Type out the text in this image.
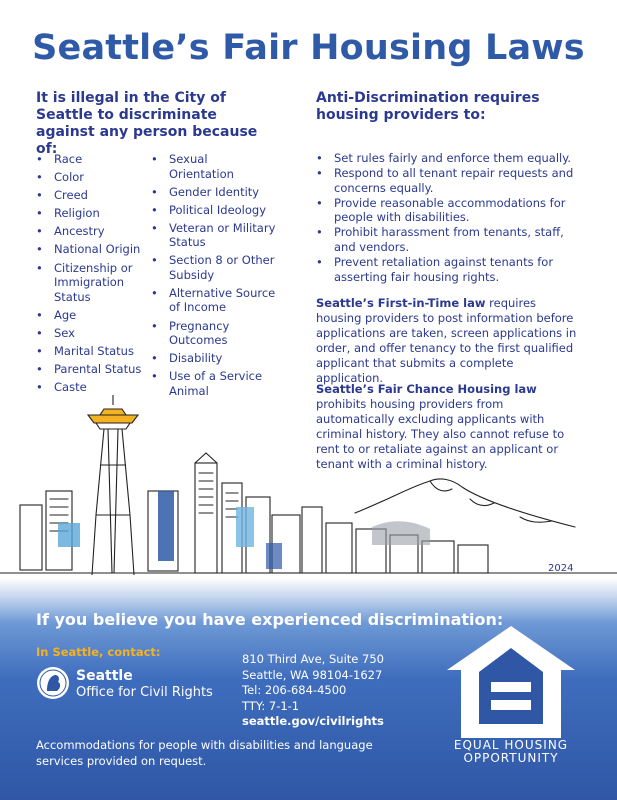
Seattle’s Fair Housing Laws
It is illegal in the City of Seattle to discriminate against any person because of:
• Race
• Color
• Creed
• Religion
• Ancestry
• National Origin
• Citizenship or Immigration Status
• Age
• Sex
• Marital Status
• Parental Status
• Caste
• Sexual Orientation
• Gender Identity
• Political Ideology
• Veteran or Military Status
• Section 8 or Other Subsidy
• Alternative Source of Income
• Pregnancy Outcomes
• Disability
• Use of a Service Animal
Anti-Discrimination requires housing providers to:
• Set rules fairly and enforce them equally.
• Respond to all tenant repair requests and concerns equally.
• Provide reasonable accommodations for people with disabilities.
• Prohibit harassment from tenants, staff, and vendors.
• Prevent retaliation against tenants for asserting fair housing rights.
Seattle’s First-in-Time law requires housing providers to post information before applications are taken, screen applications in order, and offer tenancy to the first qualified applicant that submits a complete application.
Seattle’s Fair Chance Housing law prohibits housing providers from automatically excluding applicants with criminal history. They also cannot refuse to rent to or retaliate against an applicant or tenant with a criminal history.
2024
If you believe you have experienced discrimination:
In Seattle, contact:
Seattle
Office for Civil Rights
810 Third Ave, Suite 750
Seattle, WA 98104-1627
Tel: 206-684-4500
TTY: 7-1-1
seattle.gov/civilrights
Accommodations for people with disabilities and language services provided on request.
EQUAL HOUSING
OPPORTUNITY
